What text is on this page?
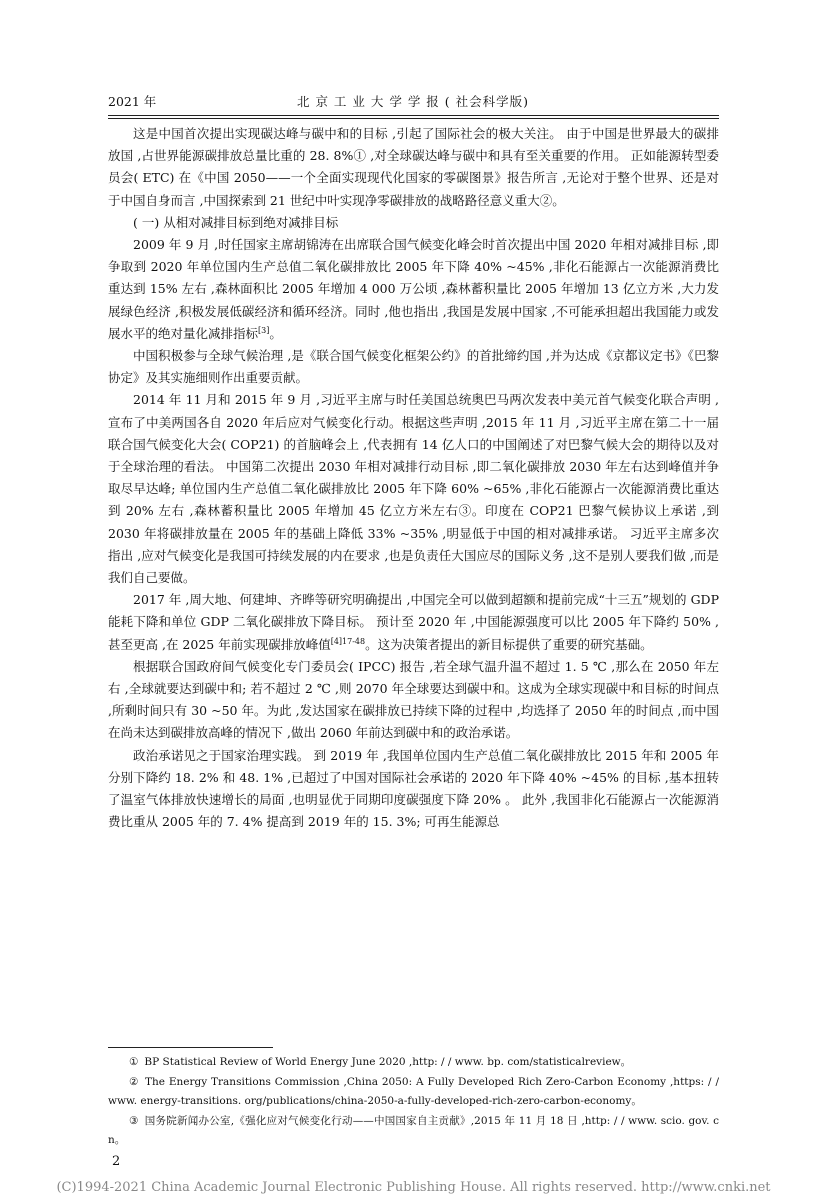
2021 年	北 京 工 业 大 学 学 报 ( 社会科学版)

这是中国首次提出实现碳达峰与碳中和的目标 ,引起了国际社会的极大关注。 由于中国是世界最大的碳排放国 ,占世界能源碳排放总量比重的 28. 8%① ,对全球碳达峰与碳中和具有至关重要的作用。 正如能源转型委员会( ETC) 在《中国 2050——一个全面实现现代化国家的零碳图景》报告所言 ,无论对于整个世界、还是对于中国自身而言 ,中国探索到 21 世纪中叶实现净零碳排放的战略路径意义重大②。

( 一) 从相对减排目标到绝对减排目标

2009 年 9 月 ,时任国家主席胡锦涛在出席联合国气候变化峰会时首次提出中国 2020 年相对减排目标 ,即争取到 2020 年单位国内生产总值二氧化碳排放比 2005 年下降 40% ~45% ,非化石能源占一次能源消费比重达到 15% 左右 ,森林面积比 2005 年增加 4 000 万公顷 ,森林蓄积量比 2005 年增加 13 亿立方米 ,大力发展绿色经济 ,积极发展低碳经济和循环经济。同时 ,他也指出 ,我国是发展中国家 ,不可能承担超出我国能力或发展水平的绝对量化减排指标[3]。

中国积极参与全球气候治理 ,是《联合国气候变化框架公约》的首批缔约国 ,并为达成《京都议定书》《巴黎协定》及其实施细则作出重要贡献。

2014 年 11 月和 2015 年 9 月 ,习近平主席与时任美国总统奥巴马两次发表中美元首气候变化联合声明 ,宣布了中美两国各自 2020 年后应对气候变化行动。根据这些声明 ,2015 年 11 月 ,习近平主席在第二十一届联合国气候变化大会( COP21) 的首脑峰会上 ,代表拥有 14 亿人口的中国阐述了对巴黎气候大会的期待以及对于全球治理的看法。 中国第二次提出 2030 年相对减排行动目标 ,即二氧化碳排放 2030 年左右达到峰值并争取尽早达峰; 单位国内生产总值二氧化碳排放比 2005 年下降 60% ~65% ,非化石能源占一次能源消费比重达到 20% 左右 ,森林蓄积量比 2005 年增加 45 亿立方米左右③。印度在 COP21 巴黎气候协议上承诺 ,到 2030 年将碳排放量在 2005 年的基础上降低 33% ~35% ,明显低于中国的相对减排承诺。 习近平主席多次指出 ,应对气候变化是我国可持续发展的内在要求 ,也是负责任大国应尽的国际义务 ,这不是别人要我们做 ,而是我们自己要做。

2017 年 ,周大地、何建坤、齐晔等研究明确提出 ,中国完全可以做到超额和提前完成“十三五”规划的 GDP 能耗下降和单位 GDP 二氧化碳排放下降目标。 预计至 2020 年 ,中国能源强度可以比 2005 年下降约 50% ,甚至更高 ,在 2025 年前实现碳排放峰值$^{[4]17-48}$。这为决策者提出的新目标提供了重要的研究基础。

根据联合国政府间气候变化专门委员会( IPCC) 报告 ,若全球气温升温不超过 1. 5 ℃ ,那么在 2050 年左右 ,全球就要达到碳中和; 若不超过 2 ℃ ,则 2070 年全球要达到碳中和。这成为全球实现碳中和目标的时间点 ,所剩时间只有 30 ~50 年。为此 ,发达国家在碳排放已持续下降的过程中 ,均选择了 2050 年的时间点 ,而中国在尚未达到碳排放高峰的情况下 ,做出 2060 年前达到碳中和的政治承诺。

政治承诺见之于国家治理实践。 到 2019 年 ,我国单位国内生产总值二氧化碳排放比 2015 年和 2005 年分别下降约 18. 2% 和 48. 1% ,已超过了中国对国际社会承诺的 2020 年下降 40% ~45% 的目标 ,基本扭转了温室气体排放快速增长的局面 ,也明显优于同期印度碳强度下降 20% 。 此外 ,我国非化石能源占一次能源消费比重从 2005 年的 7. 4% 提高到 2019 年的 15. 3%; 可再生能源总

① BP Statistical Review of World Energy June 2020 ,http: / / www. bp. com/statisticalreview。

② The Energy Transitions Commission ,China 2050: A Fully Developed Rich Zero-Carbon Economy ,https: / / www. energy-transitions. org/publications/china-2050-a-fully-developed-rich-zero-carbon-economy。

③ 国务院新闻办公室,《强化应对气候变化行动——中国国家自主贡献》,2015 年 11 月 18 日 ,http: / / www. scio. gov. cn。

2
(C)1994-2021 China Academic Journal Electronic Publishing House. All rights reserved. http://www.cnki.net
